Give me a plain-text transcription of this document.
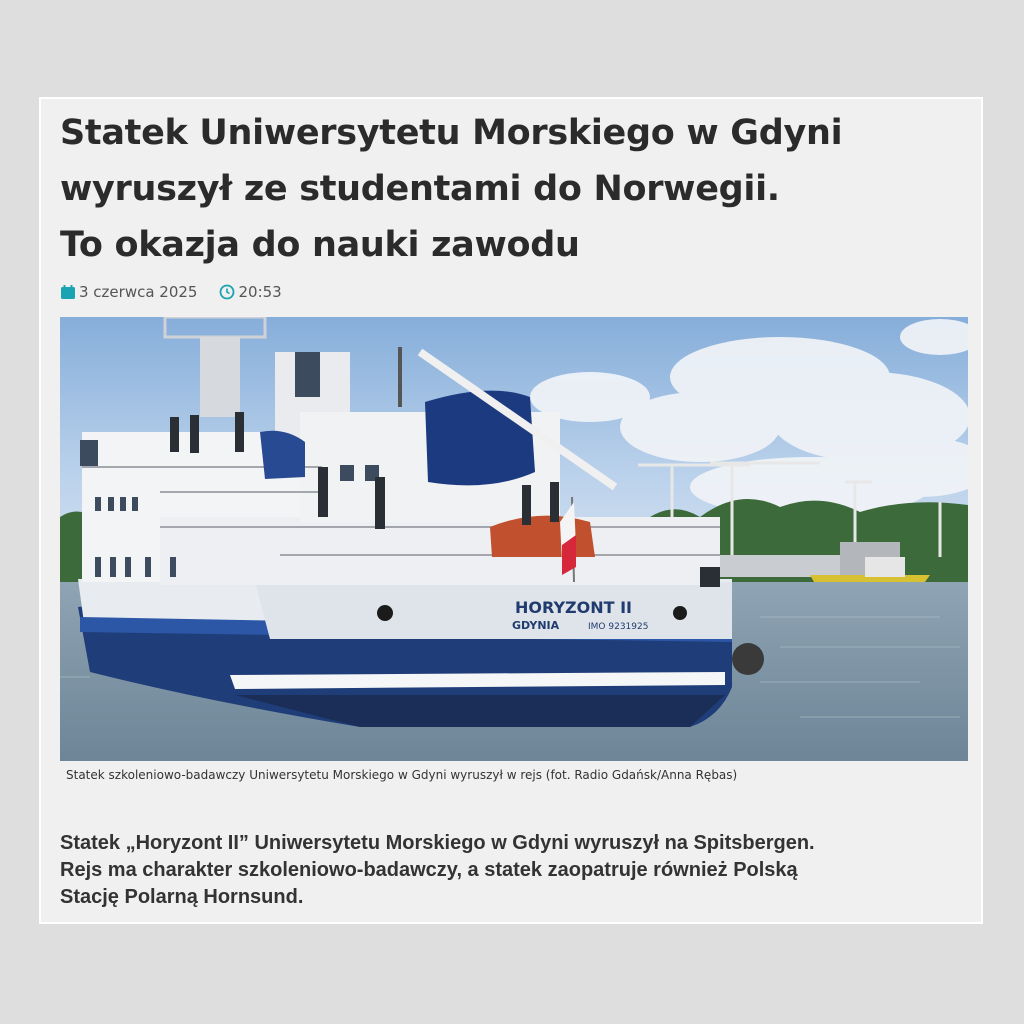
Statek Uniwersytetu Morskiego w Gdyni
wyruszył ze studentami do Norwegii.
To okazja do nauki zawodu
3 czerwca 2025	20:53
HORYZONT II
GDYNIA	IMO 9231925
Statek szkoleniowo-badawczy Uniwersytetu Morskiego w Gdyni wyruszył w rejs (fot. Radio Gdańsk/Anna Rębas)

Statek „Horyzont II” Uniwersytetu Morskiego w Gdyni wyruszył na Spitsbergen.
Rejs ma charakter szkoleniowo-badawczy, a statek zaopatruje również Polską
Stację Polarną Hornsund.
